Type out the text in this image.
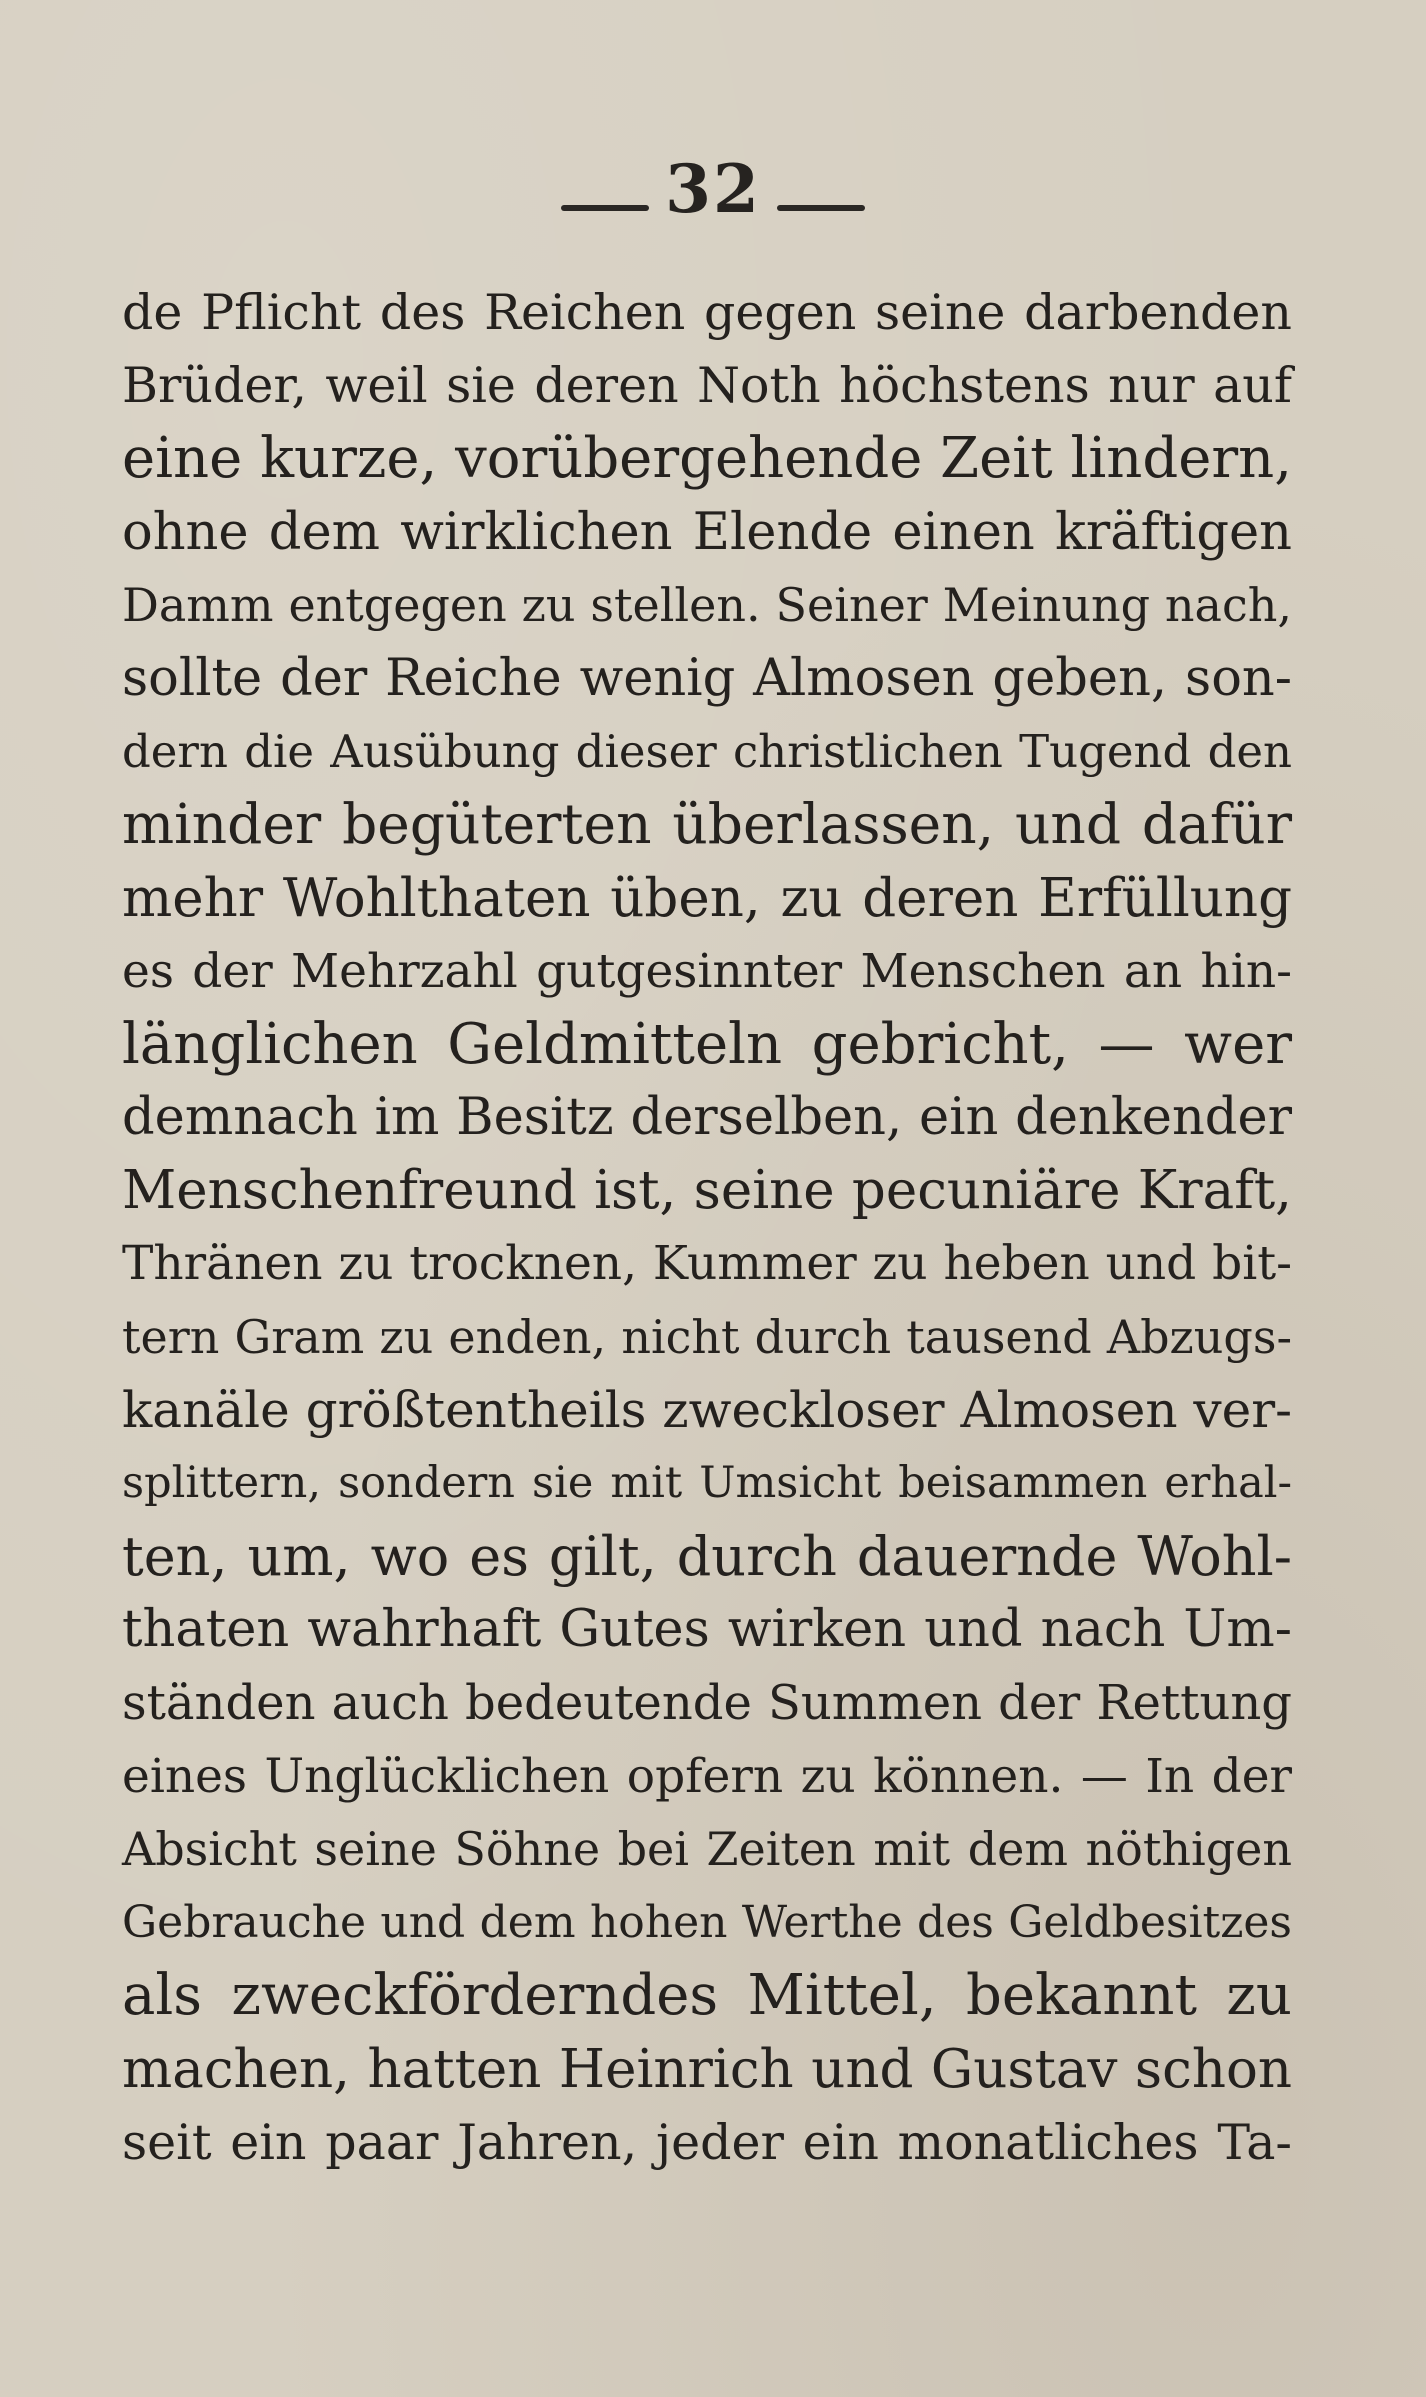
32
de Pflicht des Reichen gegen seine darbenden
Brüder, weil sie deren Noth höchstens nur auf
eine kurze, vorübergehende Zeit lindern,
ohne dem wirklichen Elende einen kräftigen
Damm entgegen zu stellen. Seiner Meinung nach,
sollte der Reiche wenig Almosen geben, son-
dern die Ausübung dieser christlichen Tugend den
minder begüterten überlassen, und dafür
mehr Wohlthaten üben, zu deren Erfüllung
es der Mehrzahl gutgesinnter Menschen an hin-
länglichen Geldmitteln gebricht, — wer
demnach im Besitz derselben, ein denkender
Menschenfreund ist, seine pecuniäre Kraft,
Thränen zu trocknen, Kummer zu heben und bit-
tern Gram zu enden, nicht durch tausend Abzugs-
kanäle größtentheils zweckloser Almosen ver-
splittern, sondern sie mit Umsicht beisammen erhal-
ten, um, wo es gilt, durch dauernde Wohl-
thaten wahrhaft Gutes wirken und nach Um-
ständen auch bedeutende Summen der Rettung
eines Unglücklichen opfern zu können. — In der
Absicht seine Söhne bei Zeiten mit dem nöthigen
Gebrauche und dem hohen Werthe des Geldbesitzes
als zweckförderndes Mittel, bekannt zu
machen, hatten Heinrich und Gustav schon
seit ein paar Jahren, jeder ein monatliches Ta-
